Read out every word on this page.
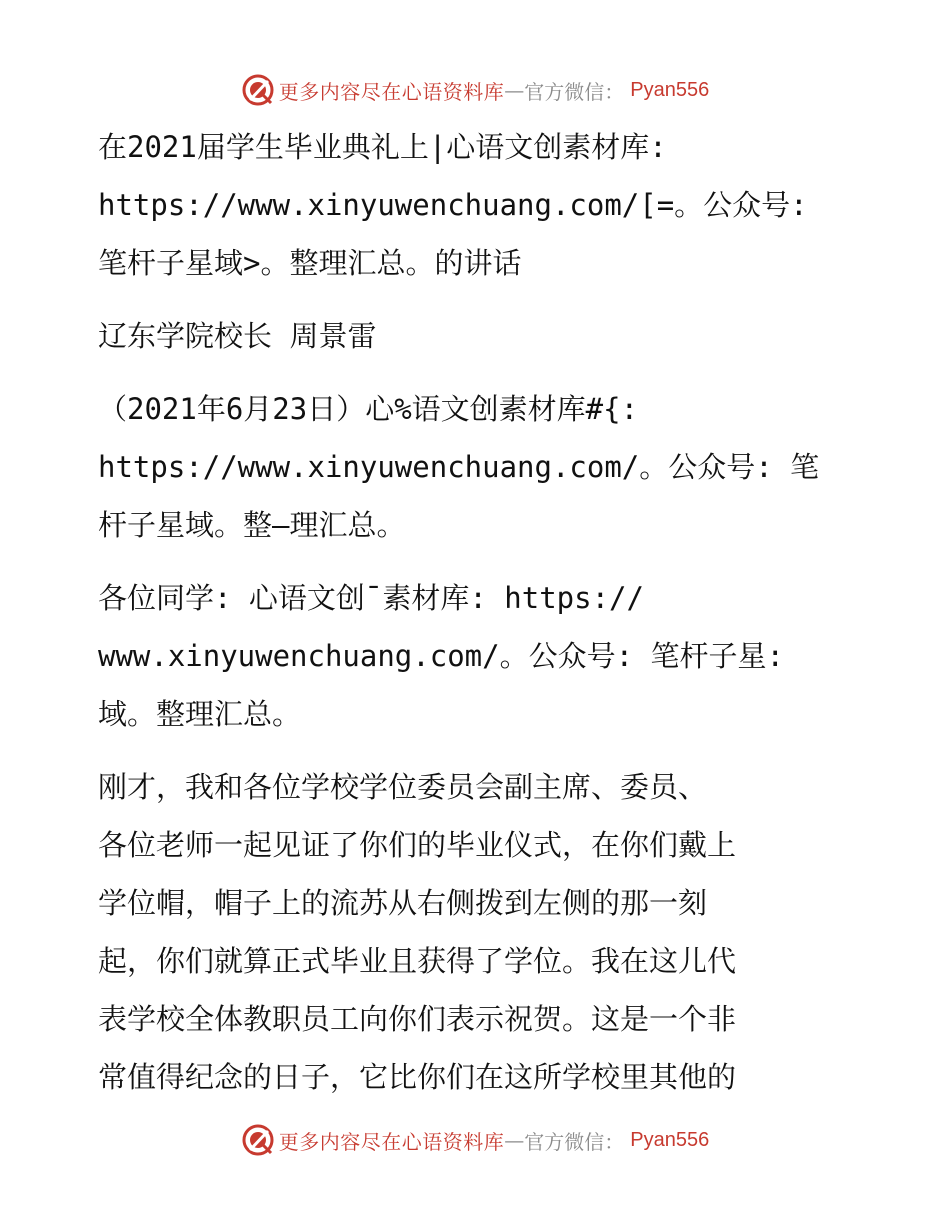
更多内容尽在心语资料库 — 官方微信： Pyan556
在2021届学生毕业典礼上|心语文创素材库:
https://www.xinyuwenchuang.com/[=。公众号:
笔杆子星域>。整理汇总。的讲话
辽东学院校长 周景雷
（2021年6月23日）心%语文创素材库#{:
https://www.xinyuwenchuang.com/。公众号: 笔
杆子星域。整—理汇总。
各位同学: 心语文创¯素材库: https://
www.xinyuwenchuang.com/。公众号: 笔杆子星:
域。整理汇总。
刚才，我和各位学校学位委员会副主席、委员、
各位老师一起见证了你们的毕业仪式，在你们戴上
学位帽，帽子上的流苏从右侧拨到左侧的那一刻
起，你们就算正式毕业且获得了学位。我在这儿代
表学校全体教职员工向你们表示祝贺。这是一个非
常值得纪念的日子，它比你们在这所学校里其他的
更多内容尽在心语资料库 — 官方微信： Pyan556
